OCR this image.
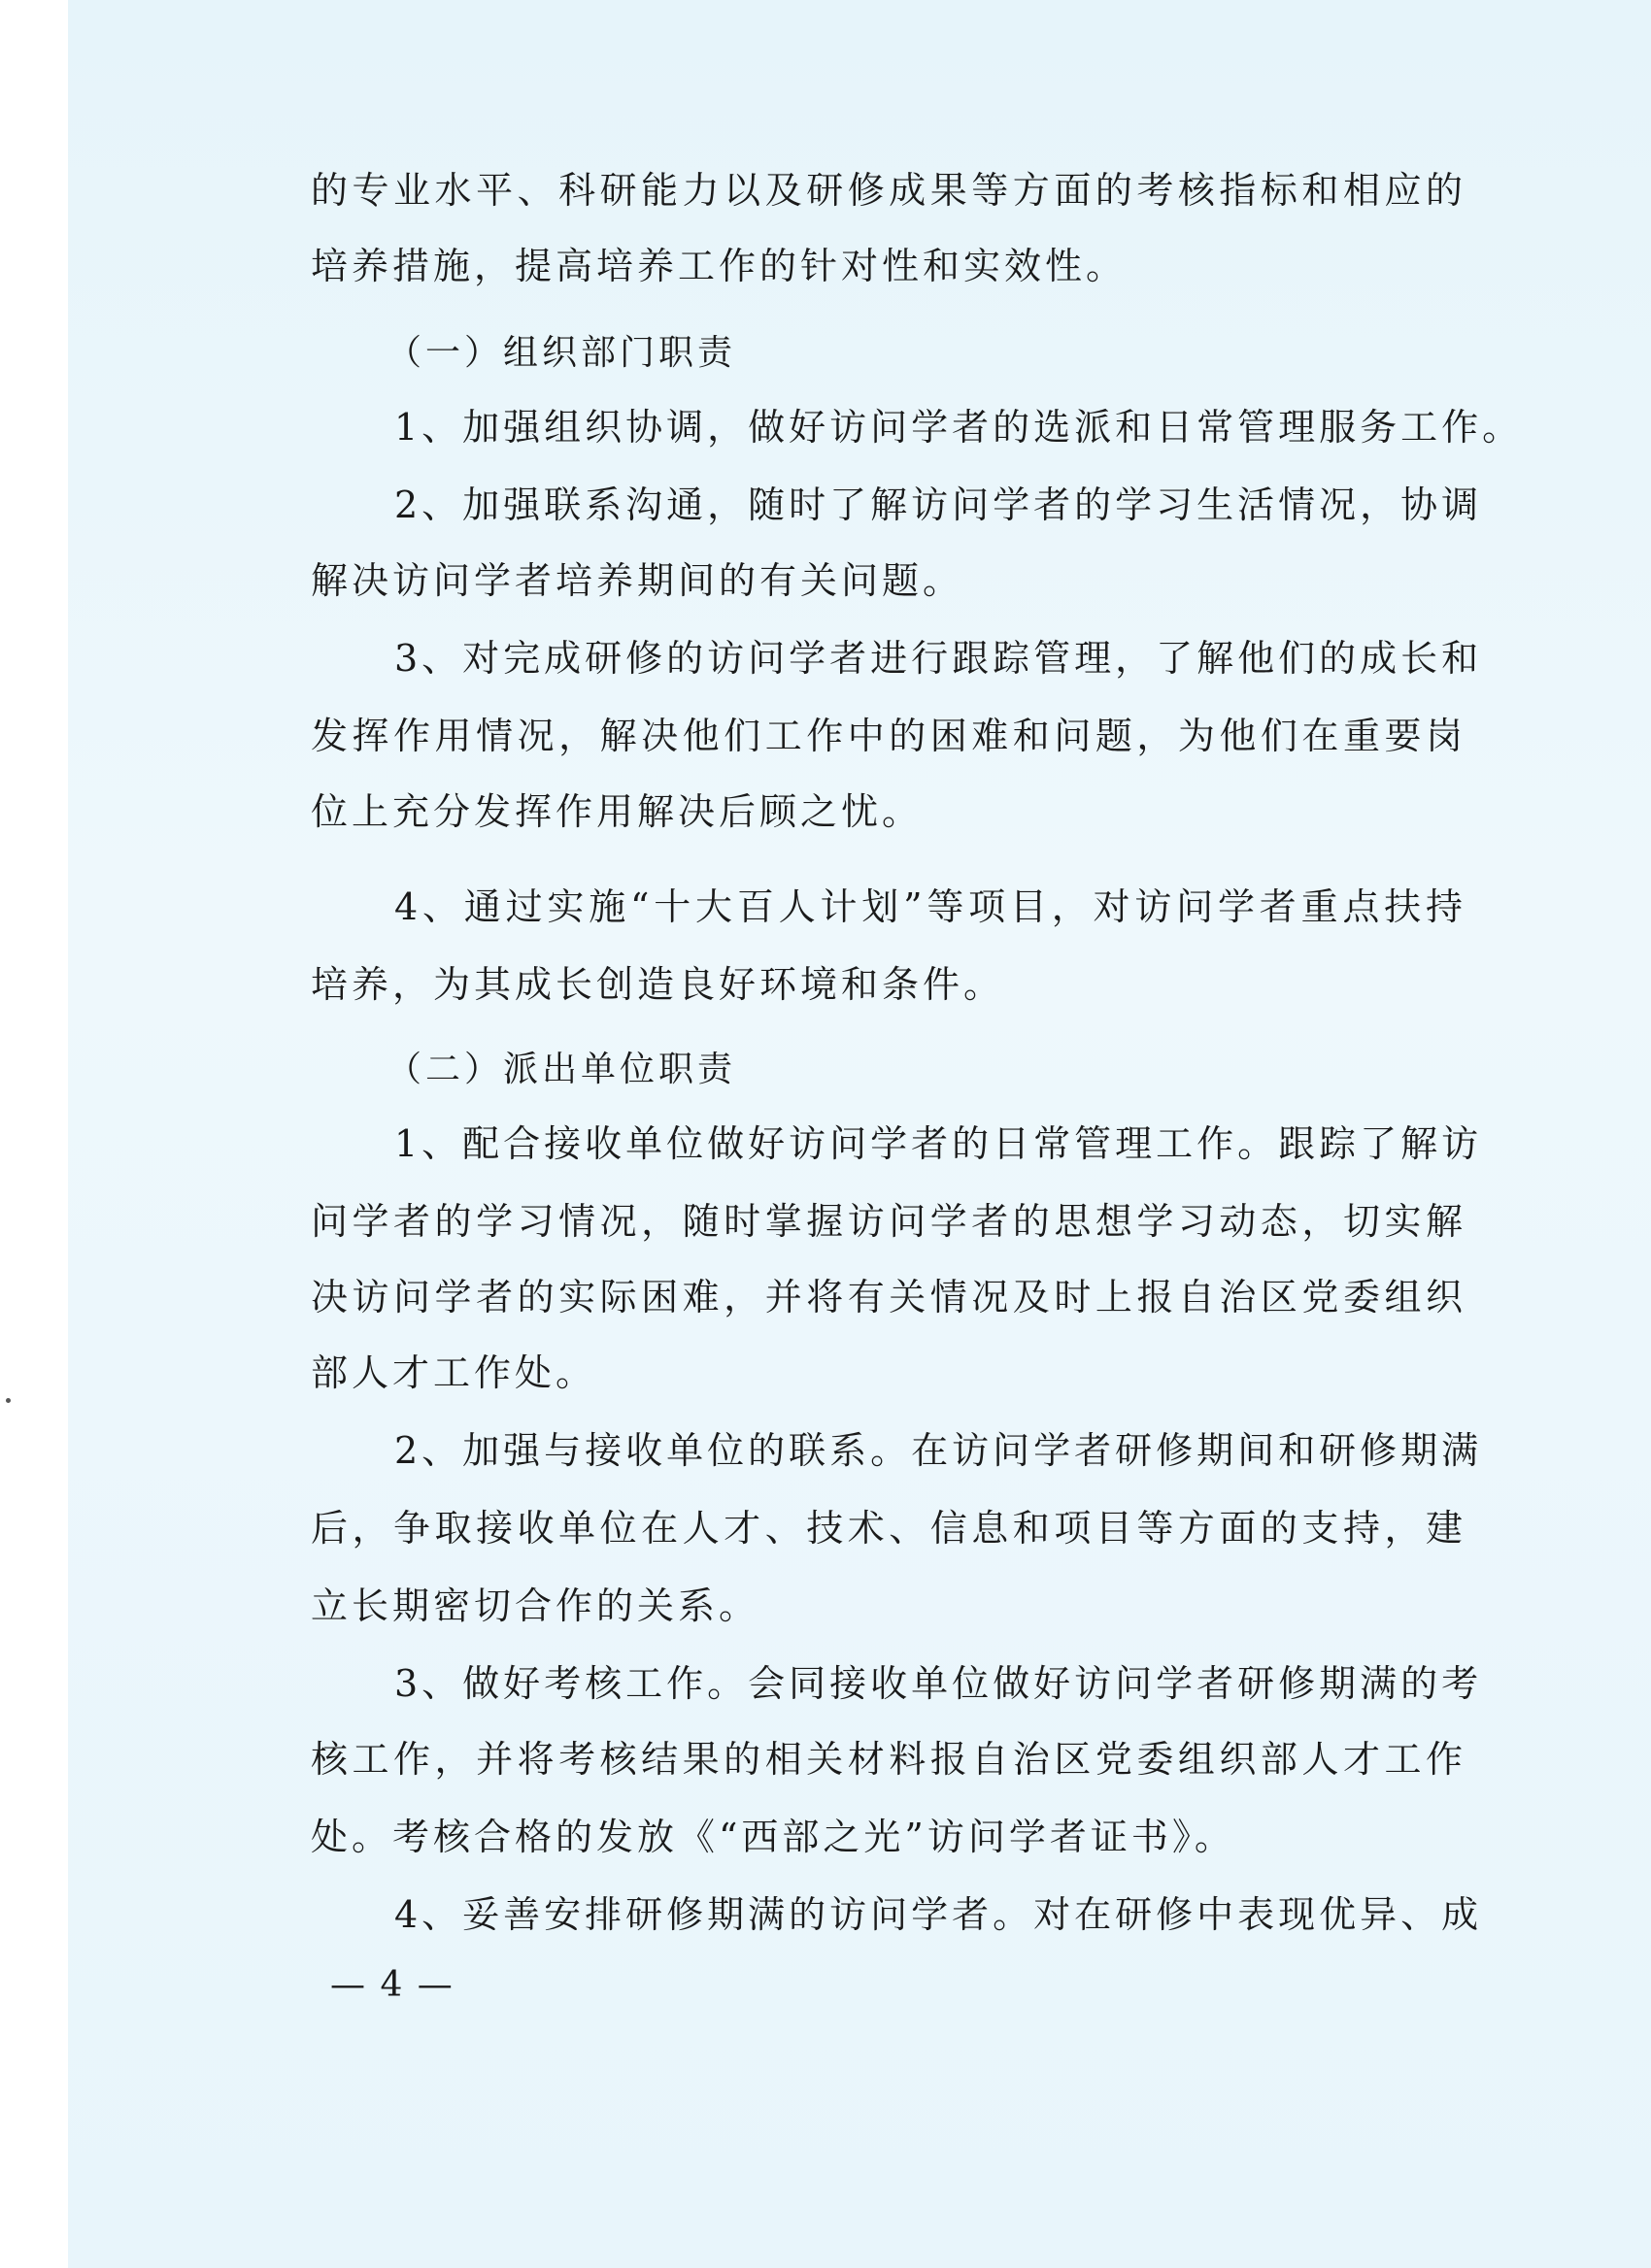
的专业水平、科研能力以及研修成果等方面的考核指标和相应的
培养措施，提高培养工作的针对性和实效性。
（一）组织部门职责
1、加强组织协调，做好访问学者的选派和日常管理服务工作。
2、加强联系沟通，随时了解访问学者的学习生活情况，协调
解决访问学者培养期间的有关问题。
3、对完成研修的访问学者进行跟踪管理，了解他们的成长和
发挥作用情况，解决他们工作中的困难和问题，为他们在重要岗
位上充分发挥作用解决后顾之忧。
4、通过实施“十大百人计划”等项目，对访问学者重点扶持
培养，为其成长创造良好环境和条件。
（二）派出单位职责
1、配合接收单位做好访问学者的日常管理工作。跟踪了解访
问学者的学习情况，随时掌握访问学者的思想学习动态，切实解
决访问学者的实际困难，并将有关情况及时上报自治区党委组织
部人才工作处。
2、加强与接收单位的联系。在访问学者研修期间和研修期满
后，争取接收单位在人才、技术、信息和项目等方面的支持，建
立长期密切合作的关系。
3、做好考核工作。会同接收单位做好访问学者研修期满的考
核工作，并将考核结果的相关材料报自治区党委组织部人才工作
处。考核合格的发放《“西部之光”访问学者证书》。
4、妥善安排研修期满的访问学者。对在研修中表现优异、成
— 4 —
